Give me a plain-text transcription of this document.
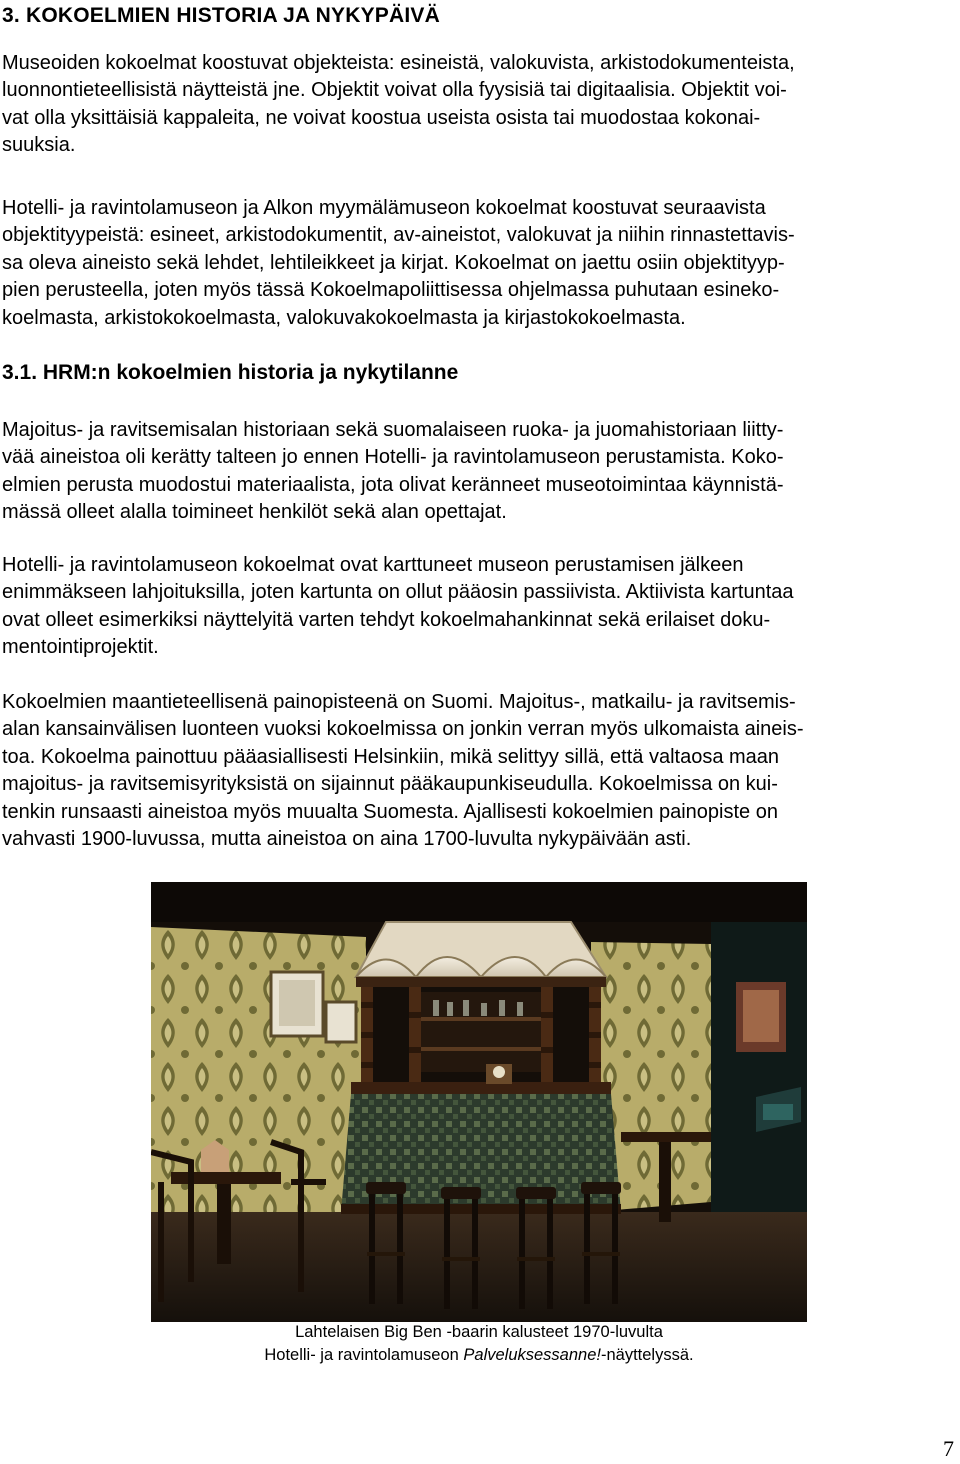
3. KOKOELMIEN HISTORIA JA NYKYPÄIVÄ

Museoiden kokoelmat koostuvat objekteista: esineistä, valokuvista, arkistodokumenteista,
luonnontieteellisistä näytteistä jne. Objektit voivat olla fyysisiä tai digitaalisia. Objektit voi-
vat olla yksittäisiä kappaleita, ne voivat koostua useista osista tai muodostaa kokonai-
suuksia.

Hotelli- ja ravintolamuseon ja Alkon myymälämuseon kokoelmat koostuvat seuraavista
objektityypeistä: esineet, arkistodokumentit, av-aineistot, valokuvat ja niihin rinnastettavis-
sa oleva aineisto sekä lehdet, lehtileikkeet ja kirjat. Kokoelmat on jaettu osiin objektityyp-
pien perusteella, joten myös tässä Kokoelmapoliittisessa ohjelmassa puhutaan esineko-
koelmasta, arkistokokoelmasta, valokuvakokoelmasta ja kirjastokokoelmasta.

3.1. HRM:n kokoelmien historia ja nykytilanne

Majoitus- ja ravitsemisalan historiaan sekä suomalaiseen ruoka- ja juomahistoriaan liitty-
vää aineistoa oli kerätty talteen jo ennen Hotelli- ja ravintolamuseon perustamista. Koko-
elmien perusta muodostui materiaalista, jota olivat keränneet museotoimintaa käynnistä-
mässä olleet alalla toimineet henkilöt sekä alan opettajat.

Hotelli- ja ravintolamuseon kokoelmat ovat karttuneet museon perustamisen jälkeen
enimmäkseen lahjoituksilla, joten kartunta on ollut pääosin passiivista. Aktiivista kartuntaa
ovat olleet esimerkiksi näyttelyitä varten tehdyt kokoelmahankinnat sekä erilaiset doku-
mentointiprojektit.

Kokoelmien maantieteellisenä painopisteenä on Suomi. Majoitus-, matkailu- ja ravitsemis-
alan kansainvälisen luonteen vuoksi kokoelmissa on jonkin verran myös ulkomaista aineis-
toa. Kokoelma painottuu pääasiallisesti Helsinkiin, mikä selittyy sillä, että valtaosa maan
majoitus- ja ravitsemisyrityksistä on sijainnut pääkaupunkiseudulla. Kokoelmissa on kui-
tenkin runsaasti aineistoa myös muualta Suomesta. Ajallisesti kokoelmien painopiste on
vahvasti 1900-luvussa, mutta aineistoa on aina 1700-luvulta nykypäivään asti.

Lahtelaisen Big Ben -baarin kalusteet 1970-luvulta
Hotelli- ja ravintolamuseon Palveluksessanne!-näyttelyssä.

7
